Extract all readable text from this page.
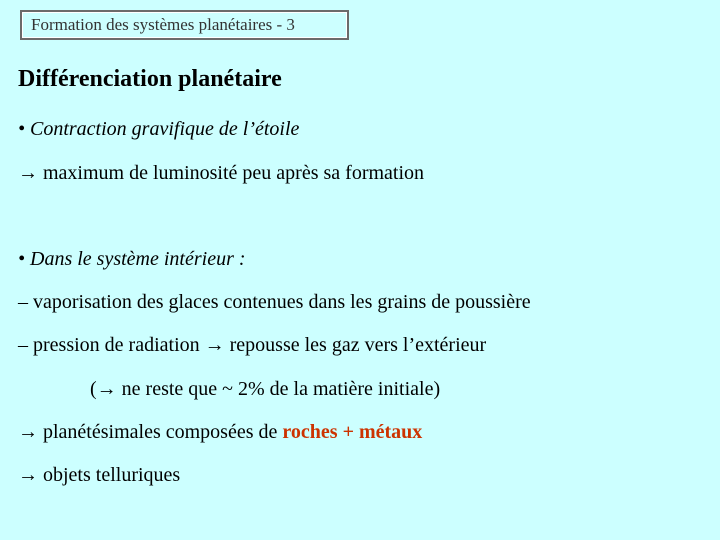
Formation des systèmes planétaires - 3
Différenciation planétaire
• Contraction gravifique de l’étoile
→ maximum de luminosité peu après sa formation
• Dans le système intérieur :
– vaporisation des glaces contenues dans les grains de poussière
– pression de radiation → repousse les gaz vers l’extérieur
(→ ne reste que ~ 2% de la matière initiale)
→ planétésimales composées de roches + métaux
→ objets telluriques
